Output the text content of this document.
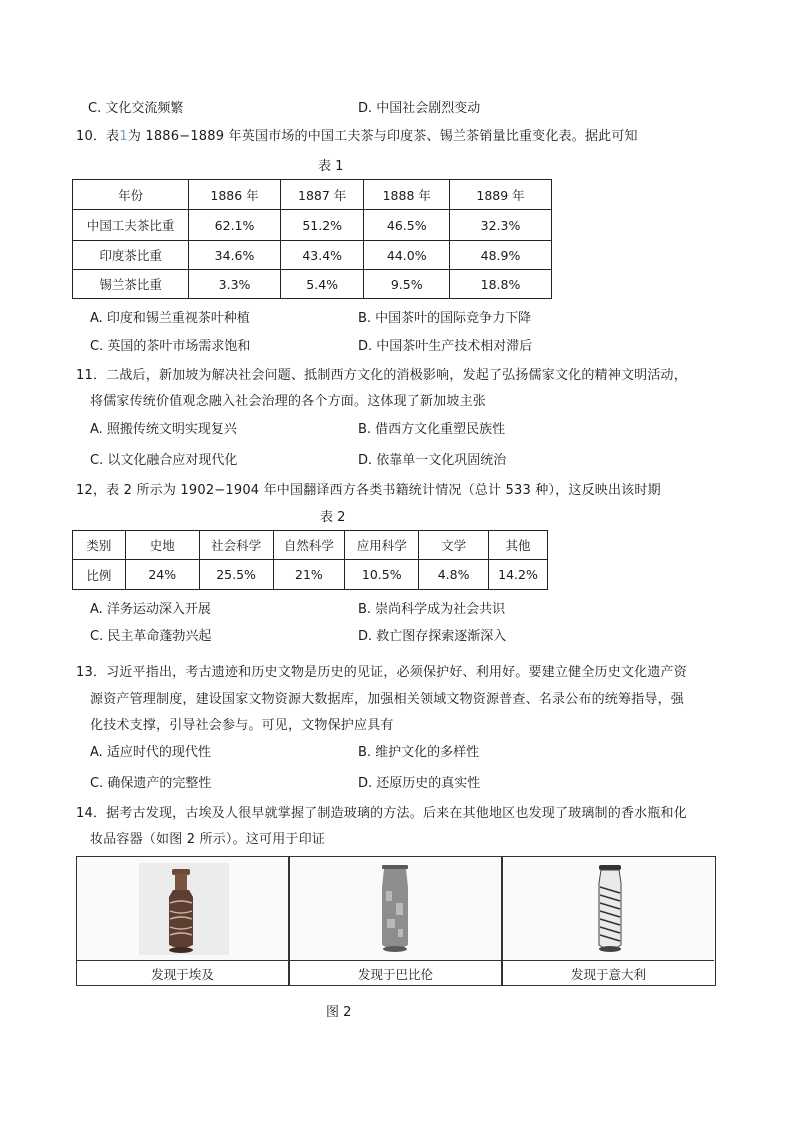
C. 文化交流频繁	D. 中国社会剧烈变动
10．表1为 1886−1889 年英国市场的中国工夫茶与印度茶、锡兰茶销量比重变化表。据此可知
表 1
年份	1886 年	1887 年	1888 年	1889 年
中国工夫茶比重	62.1%	51.2%	46.5%	32.3%
印度茶比重	34.6%	43.4%	44.0%	48.9%
锡兰茶比重	3.3%	5.4%	9.5%	18.8%
A. 印度和锡兰重视茶叶种植	B. 中国茶叶的国际竞争力下降
C. 英国的茶叶市场需求饱和	D. 中国茶叶生产技术相对滞后
11．二战后，新加坡为解决社会问题、抵制西方文化的消极影响，发起了弘扬儒家文化的精神文明活动，
将儒家传统价值观念融入社会治理的各个方面。这体现了新加坡主张
A. 照搬传统文明实现复兴	B. 借西方文化重塑民族性
C. 以文化融合应对现代化	D. 依靠单一文化巩固统治
12，表 2 所示为 1902−1904 年中国翻译西方各类书籍统计情况（总计 533 种），这反映出该时期
表 2
类别	史地	社会科学	自然科学	应用科学	文学	其他
比例	24%	25.5%	21%	10.5%	4.8%	14.2%
A. 洋务运动深入开展	B. 崇尚科学成为社会共识
C. 民主革命蓬勃兴起	D. 救亡图存探索逐渐深入
13．习近平指出，考古遗迹和历史文物是历史的见证，必须保护好、利用好。要建立健全历史文化遗产资
源资产管理制度，建设国家文物资源大数据库，加强相关领域文物资源普查、名录公布的统筹指导，强
化技术支撑，引导社会参与。可见，文物保护应具有
A. 适应时代的现代性	B. 维护文化的多样性
C. 确保遗产的完整性	D. 还原历史的真实性
14．据考古发现，古埃及人很早就掌握了制造玻璃的方法。后来在其他地区也发现了玻璃制的香水瓶和化
妆品容器（如图 2 所示）。这可用于印证
发现于埃及	发现于巴比伦	发现于意大利
图 2
